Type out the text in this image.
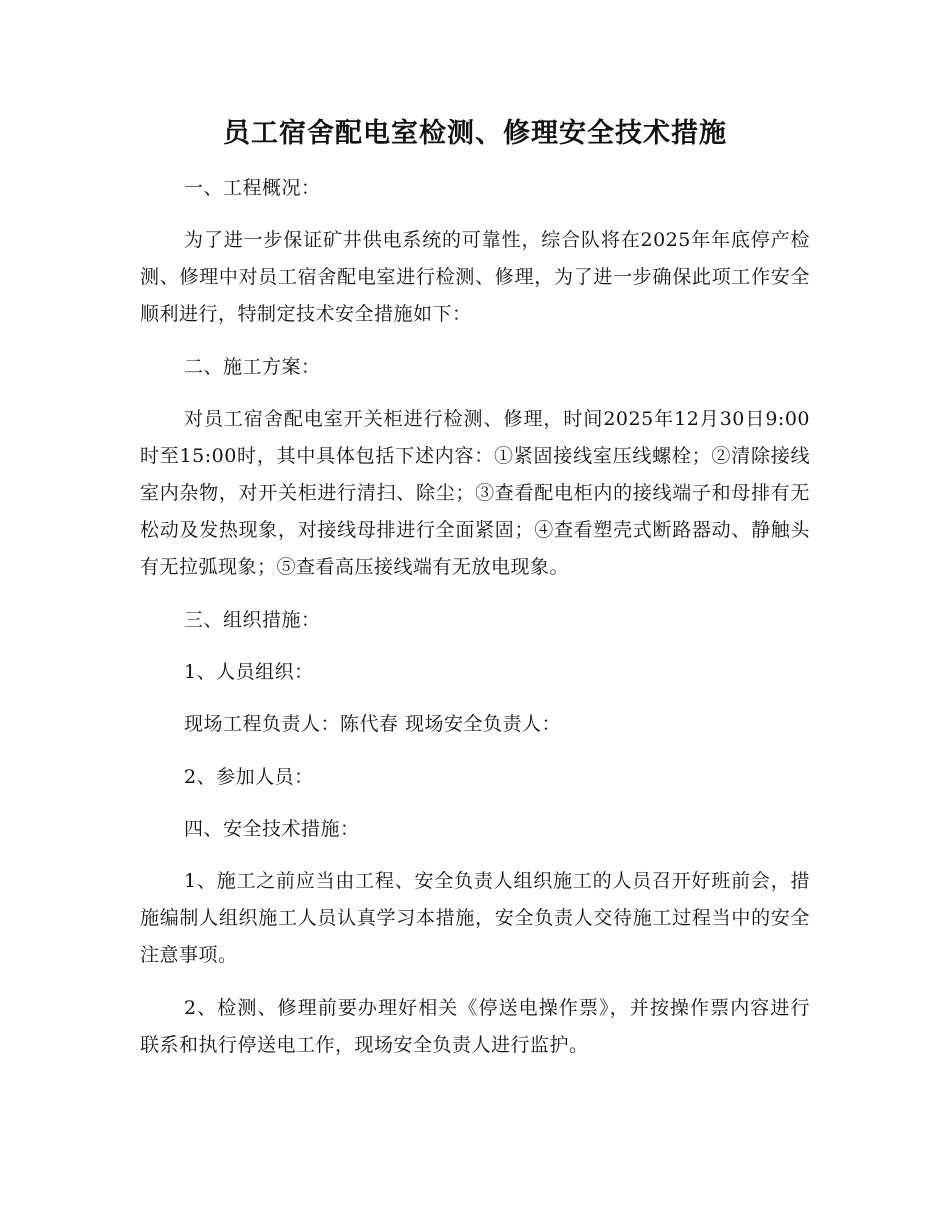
员工宿舍配电室检测、修理安全技术措施

一、工程概况：

为了进一步保证矿井供电系统的可靠性，综合队将在2025年年底停产检测、修理中对员工宿舍配电室进行检测、修理，为了进一步确保此项工作安全顺利进行，特制定技术安全措施如下：

二、施工方案：

对员工宿舍配电室开关柜进行检测、修理，时间2025年12月30日9:00时至15:00时，其中具体包括下述内容：①紧固接线室压线螺栓；②清除接线室内杂物，对开关柜进行清扫、除尘；③查看配电柜内的接线端子和母排有无松动及发热现象，对接线母排进行全面紧固；④查看塑壳式断路器动、静触头有无拉弧现象；⑤查看高压接线端有无放电现象。

三、组织措施：

1、人员组织：

现场工程负责人：陈代春 现场安全负责人：

2、参加人员：

四、安全技术措施：

1、施工之前应当由工程、安全负责人组织施工的人员召开好班前会，措施编制人组织施工人员认真学习本措施，安全负责人交待施工过程当中的安全注意事项。

2、检测、修理前要办理好相关《停送电操作票》，并按操作票内容进行联系和执行停送电工作，现场安全负责人进行监护。
